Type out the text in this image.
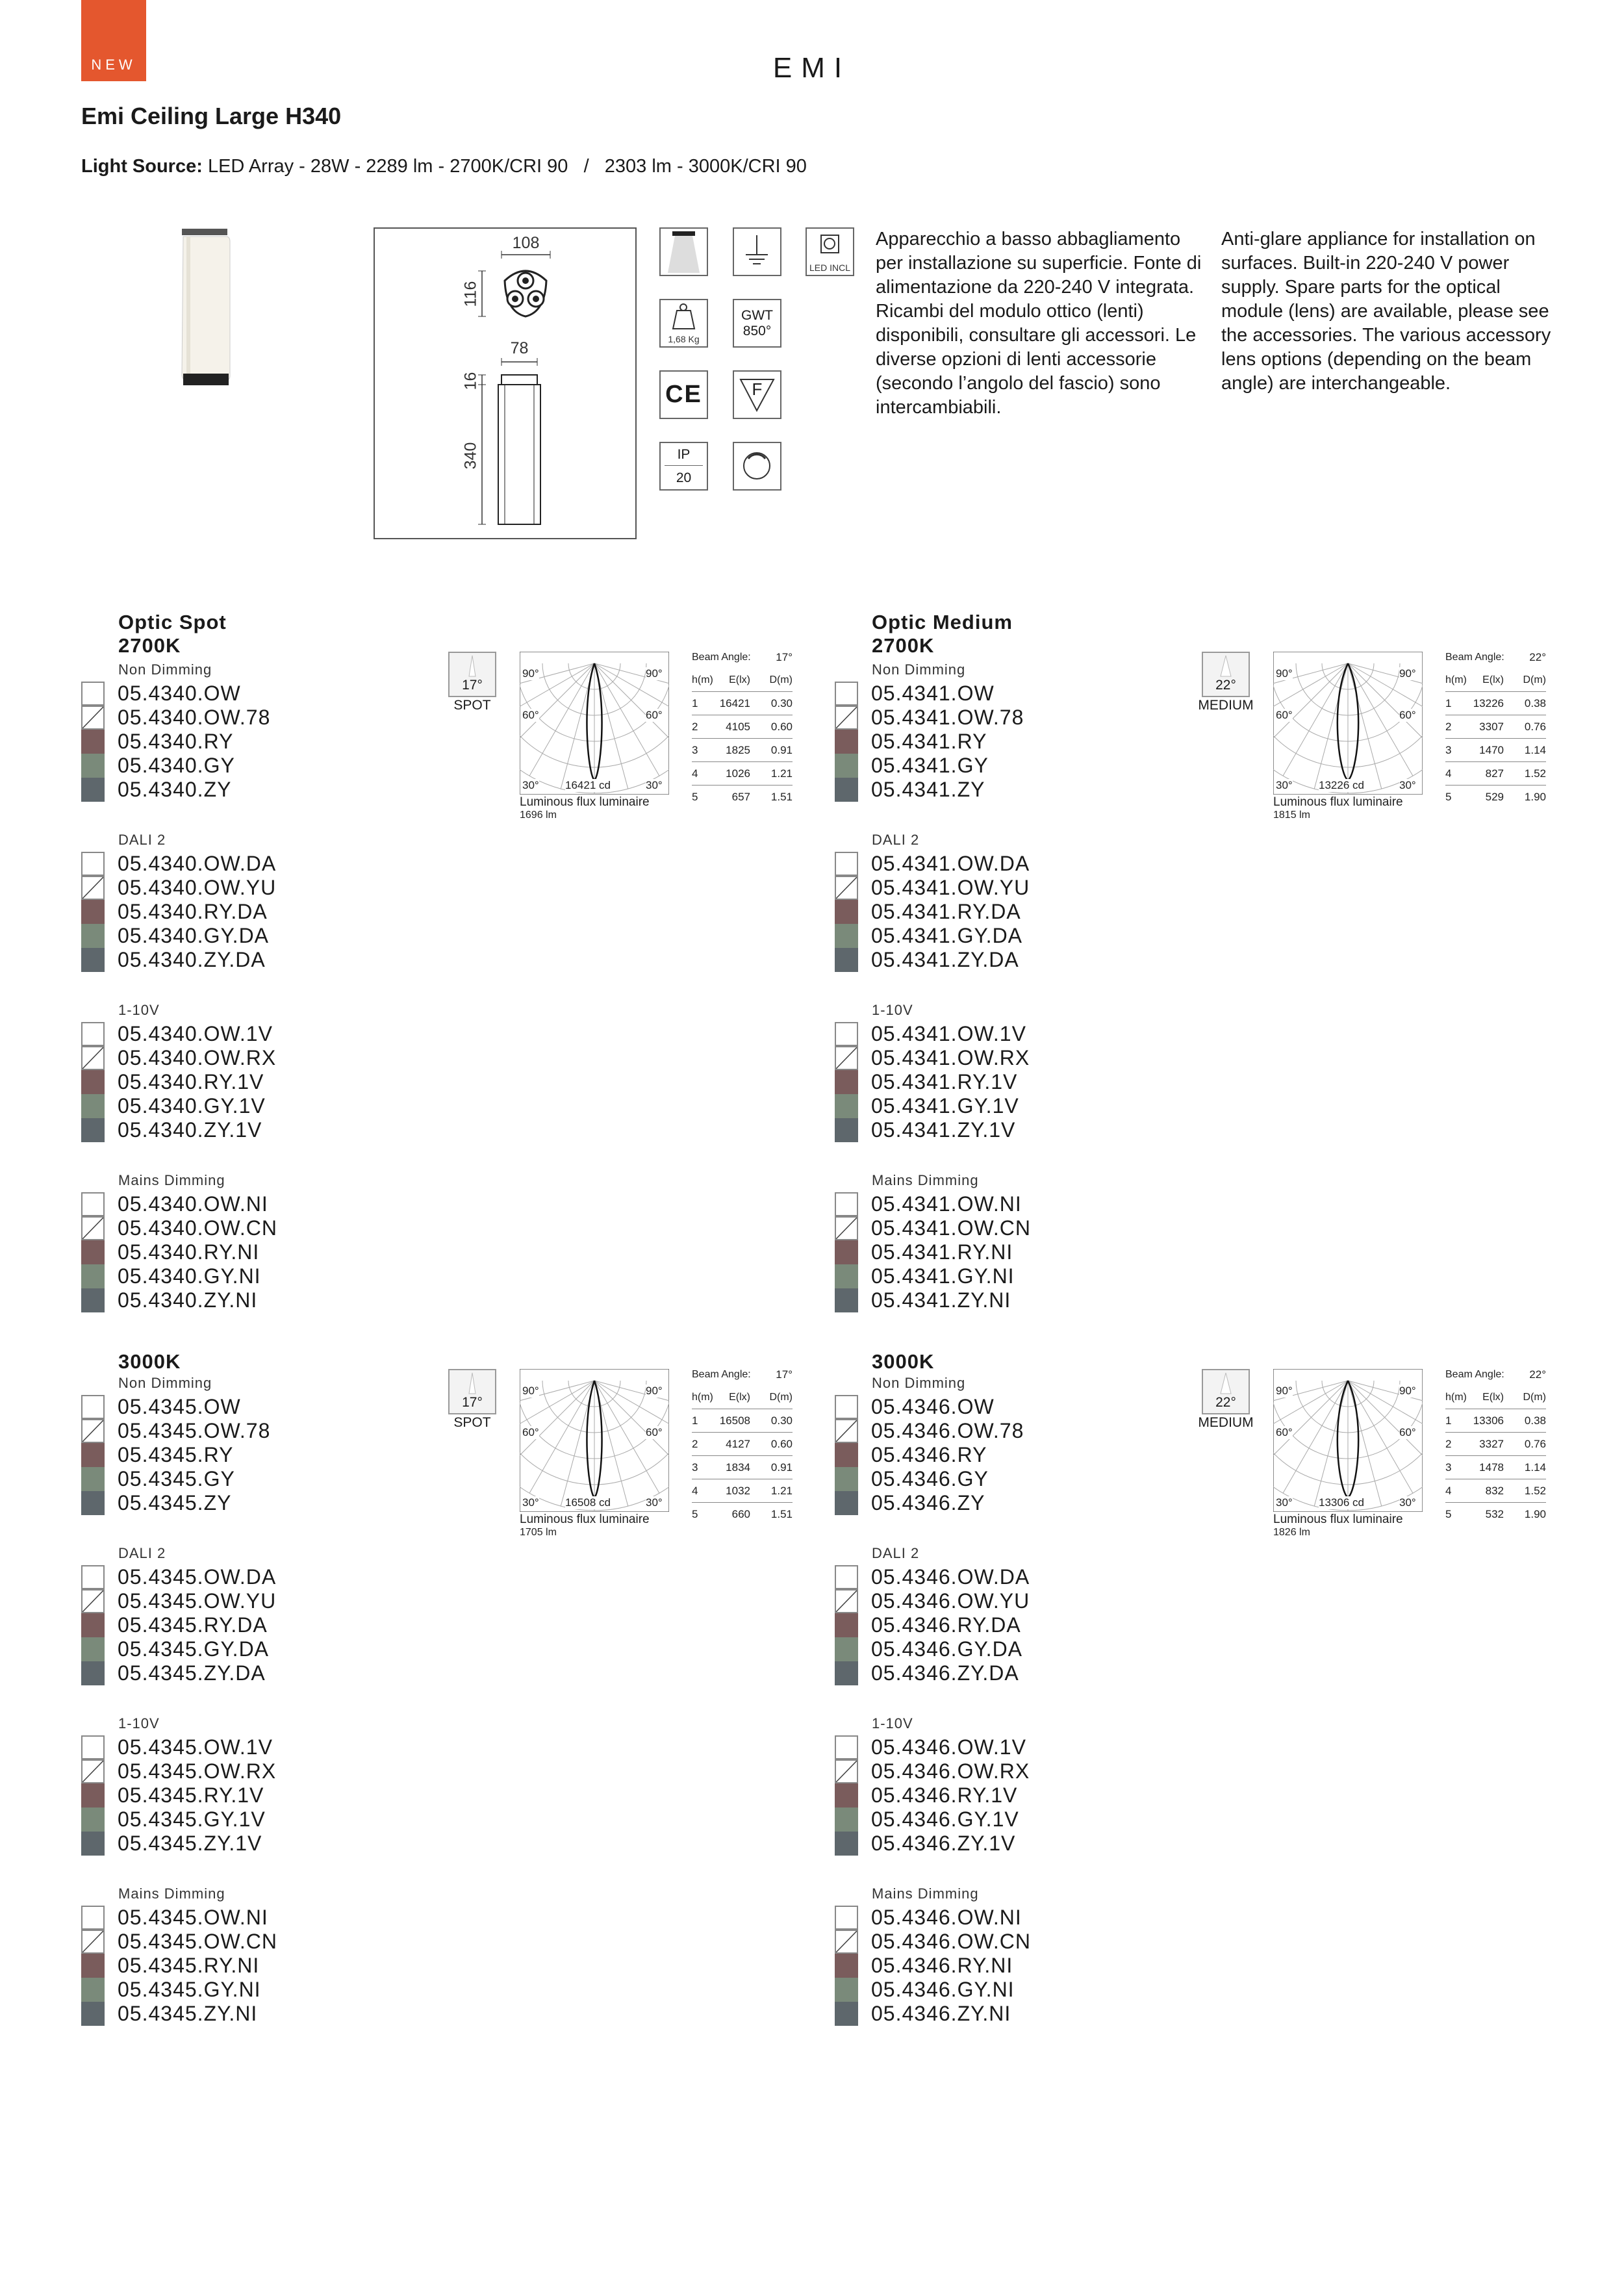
NEW	EMI
Emi Ceiling Large H340
Light Source: LED Array - 28W - 2289 lm - 2700K/CRI 90   /   2303 lm - 3000K/CRI 90
108
116
78
16
340
LED INCL
1,68 Kg
GWT
850°
CE	F
IP
20
Apparecchio a basso abbagliamento per installazione su superficie. Fonte di alimentazione da 220-240 V integrata. Ricambi del modulo ottico (lenti) disponibili, consultare gli accessori. Le diverse opzioni di lenti accessorie (secondo l’angolo del fascio) sono intercambiabili.
Anti-glare appliance for installation on surfaces. Built-in 220-240 V power supply. Spare parts for the optical module (lens) are available, please see the accessories. The various accessory lens options (depending on the beam angle) are interchangeable.
Optic Spot
2700K
Non Dimming
05.4340.OW
05.4340.OW.78
05.4340.RY
05.4340.GY
05.4340.ZY
DALI 2
05.4340.OW.DA
05.4340.OW.YU
05.4340.RY.DA
05.4340.GY.DA
05.4340.ZY.DA
1-10V
05.4340.OW.1V
05.4340.OW.RX
05.4340.RY.1V
05.4340.GY.1V
05.4340.ZY.1V
Mains Dimming
05.4340.OW.NI
05.4340.OW.CN
05.4340.RY.NI
05.4340.GY.NI
05.4340.ZY.NI
17°
SPOT
90°	90°
60°	60°
30°	30°
16421 cd
Luminous flux luminaire
1696 lm
Beam Angle: 17°
h(m)	E(lx)	D(m)
1	16421	0.30
2	4105	0.60
3	1825	0.91
4	1026	1.21
5	657	1.51
Optic Medium
2700K
Non Dimming
05.4341.OW
05.4341.OW.78
05.4341.RY
05.4341.GY
05.4341.ZY
DALI 2
05.4341.OW.DA
05.4341.OW.YU
05.4341.RY.DA
05.4341.GY.DA
05.4341.ZY.DA
1-10V
05.4341.OW.1V
05.4341.OW.RX
05.4341.RY.1V
05.4341.GY.1V
05.4341.ZY.1V
Mains Dimming
05.4341.OW.NI
05.4341.OW.CN
05.4341.RY.NI
05.4341.GY.NI
05.4341.ZY.NI
22°
MEDIUM
90°	90°
60°	60°
30°	30°
13226 cd
Luminous flux luminaire
1815 lm
Beam Angle: 22°
h(m)	E(lx)	D(m)
1	13226	0.38
2	3307	0.76
3	1470	1.14
4	827	1.52
5	529	1.90
3000K
Non Dimming
05.4345.OW
05.4345.OW.78
05.4345.RY
05.4345.GY
05.4345.ZY
DALI 2
05.4345.OW.DA
05.4345.OW.YU
05.4345.RY.DA
05.4345.GY.DA
05.4345.ZY.DA
1-10V
05.4345.OW.1V
05.4345.OW.RX
05.4345.RY.1V
05.4345.GY.1V
05.4345.ZY.1V
Mains Dimming
05.4345.OW.NI
05.4345.OW.CN
05.4345.RY.NI
05.4345.GY.NI
05.4345.ZY.NI
17°
SPOT
90°	90°
60°	60°
30°	30°
16508 cd
Luminous flux luminaire
1705 lm
Beam Angle: 17°
h(m)	E(lx)	D(m)
1	16508	0.30
2	4127	0.60
3	1834	0.91
4	1032	1.21
5	660	1.51
3000K
Non Dimming
05.4346.OW
05.4346.OW.78
05.4346.RY
05.4346.GY
05.4346.ZY
DALI 2
05.4346.OW.DA
05.4346.OW.YU
05.4346.RY.DA
05.4346.GY.DA
05.4346.ZY.DA
1-10V
05.4346.OW.1V
05.4346.OW.RX
05.4346.RY.1V
05.4346.GY.1V
05.4346.ZY.1V
Mains Dimming
05.4346.OW.NI
05.4346.OW.CN
05.4346.RY.NI
05.4346.GY.NI
05.4346.ZY.NI
22°
MEDIUM
90°	90°
60°	60°
30°	30°
13306 cd
Luminous flux luminaire
1826 lm
Beam Angle: 22°
h(m)	E(lx)	D(m)
1	13306	0.38
2	3327	0.76
3	1478	1.14
4	832	1.52
5	532	1.90
